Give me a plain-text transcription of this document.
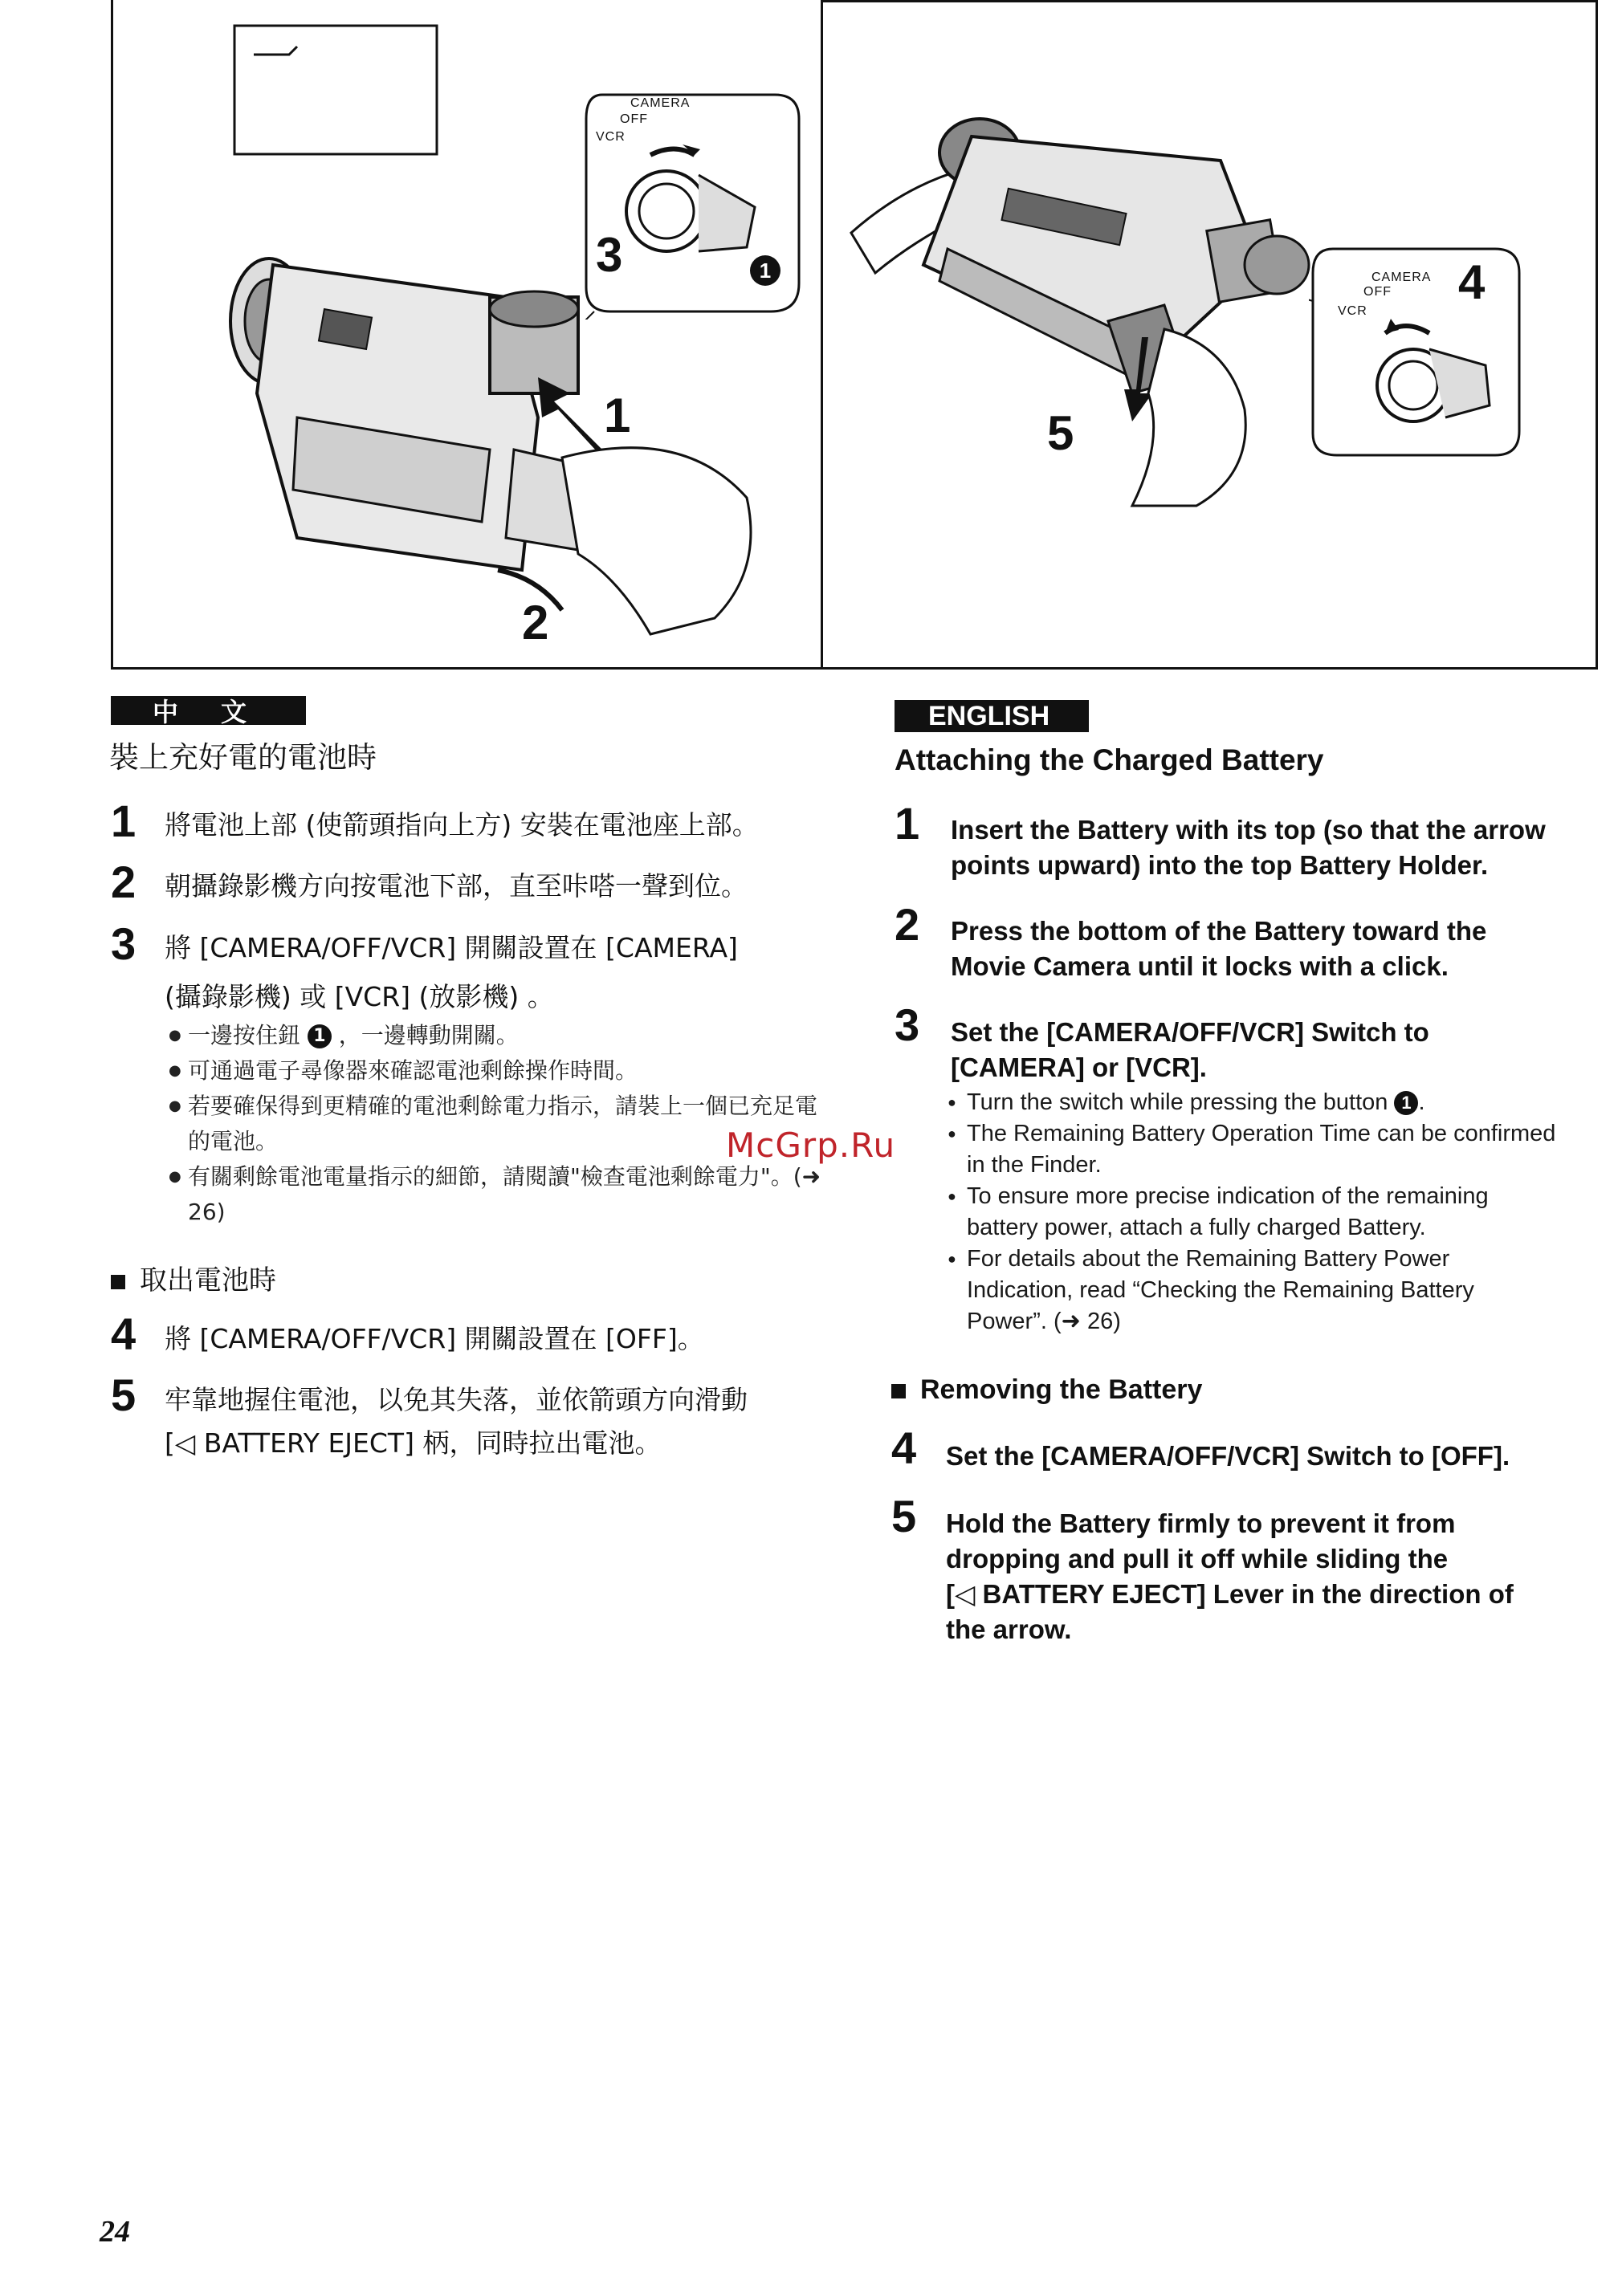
CAMERA
OFF
VCR
3	1
1
2
CAMERA
OFF
VCR
4
5
中 文
裝上充好電的電池時
1 將電池上部 (使箭頭指向上方) 安裝在電池座上部。
2 朝攝錄影機方向按電池下部，直至咔嗒一聲到位。
3 將 [CAMERA/OFF/VCR] 開關設置在 [CAMERA]
(攝錄影機) 或 [VCR] (放影機) 。
● 一邊按住鈕 1 ，一邊轉動開關。
● 可通過電子尋像器來確認電池剩餘操作時間。
● 若要確保得到更精確的電池剩餘電力指示，請裝上一個已充足電的電池。
● 有關剩餘電池電量指示的細節，請閱讀"檢查電池剩餘電力"。(➜ 26)
取出電池時
4 將 [CAMERA/OFF/VCR] 開關設置在 [OFF]。
5 牢靠地握住電池，以免其失落，並依箭頭方向滑動
[◁ BATTERY EJECT] 柄，同時拉出電池。
McGrp.Ru
ENGLISH
Attaching the Charged Battery
1 Insert the Battery with its top (so that the arrow
points upward) into the top Battery Holder.
2 Press the bottom of the Battery toward the
Movie Camera until it locks with a click.
3 Set the [CAMERA/OFF/VCR] Switch to
[CAMERA] or [VCR].
● Turn the switch while pressing the button 1 .
● The Remaining Battery Operation Time can be confirmed in the Finder.
● To ensure more precise indication of the remaining battery power, attach a fully charged Battery.
● For details about the Remaining Battery Power Indication, read “Checking the Remaining Battery Power”. (➜ 26)
Removing the Battery
4 Set the [CAMERA/OFF/VCR] Switch to [OFF].
5 Hold the Battery firmly to prevent it from
dropping and pull it off while sliding the
[◁ BATTERY EJECT] Lever in the direction of
the arrow.
24
